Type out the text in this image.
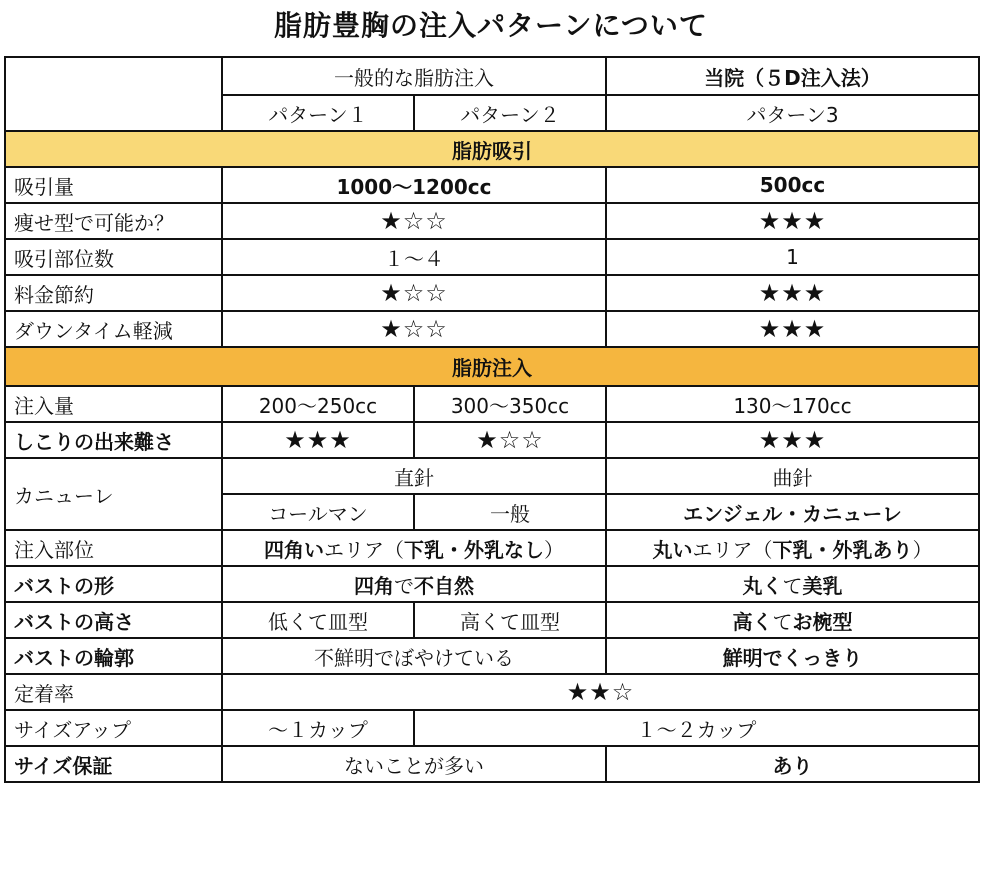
脂肪豊胸の注入パターンについて
	一般的な脂肪注入		当院（５D注入法）
	パターン１	パターン２	パターン3
脂肪吸引			
吸引量	1000〜1200cc		500cc
痩せ型で可能か？	★☆☆		★★★
吸引部位数	１〜４		1
料金節約	★☆☆		★★★
ダウンタイム軽減	★☆☆		★★★
脂肪注入			
注入量	200〜250cc	300〜350cc	130〜170cc
しこりの出来難さ	★★★	★☆☆	★★★
カニューレ	直針		曲針
	コールマン	一般	エンジェル・カニューレ
注入部位	四角いエリア（下乳・外乳なし）		丸いエリア（下乳・外乳あり）
バストの形	四角で不自然		丸くて美乳
バストの高さ	低くて皿型	高くて皿型	高くてお椀型
バストの輪郭	不鮮明でぼやけている		鮮明でくっきり
定着率	★★☆		
サイズアップ	〜１カップ	１〜２カップ	
サイズ保証	ないことが多い		あり
